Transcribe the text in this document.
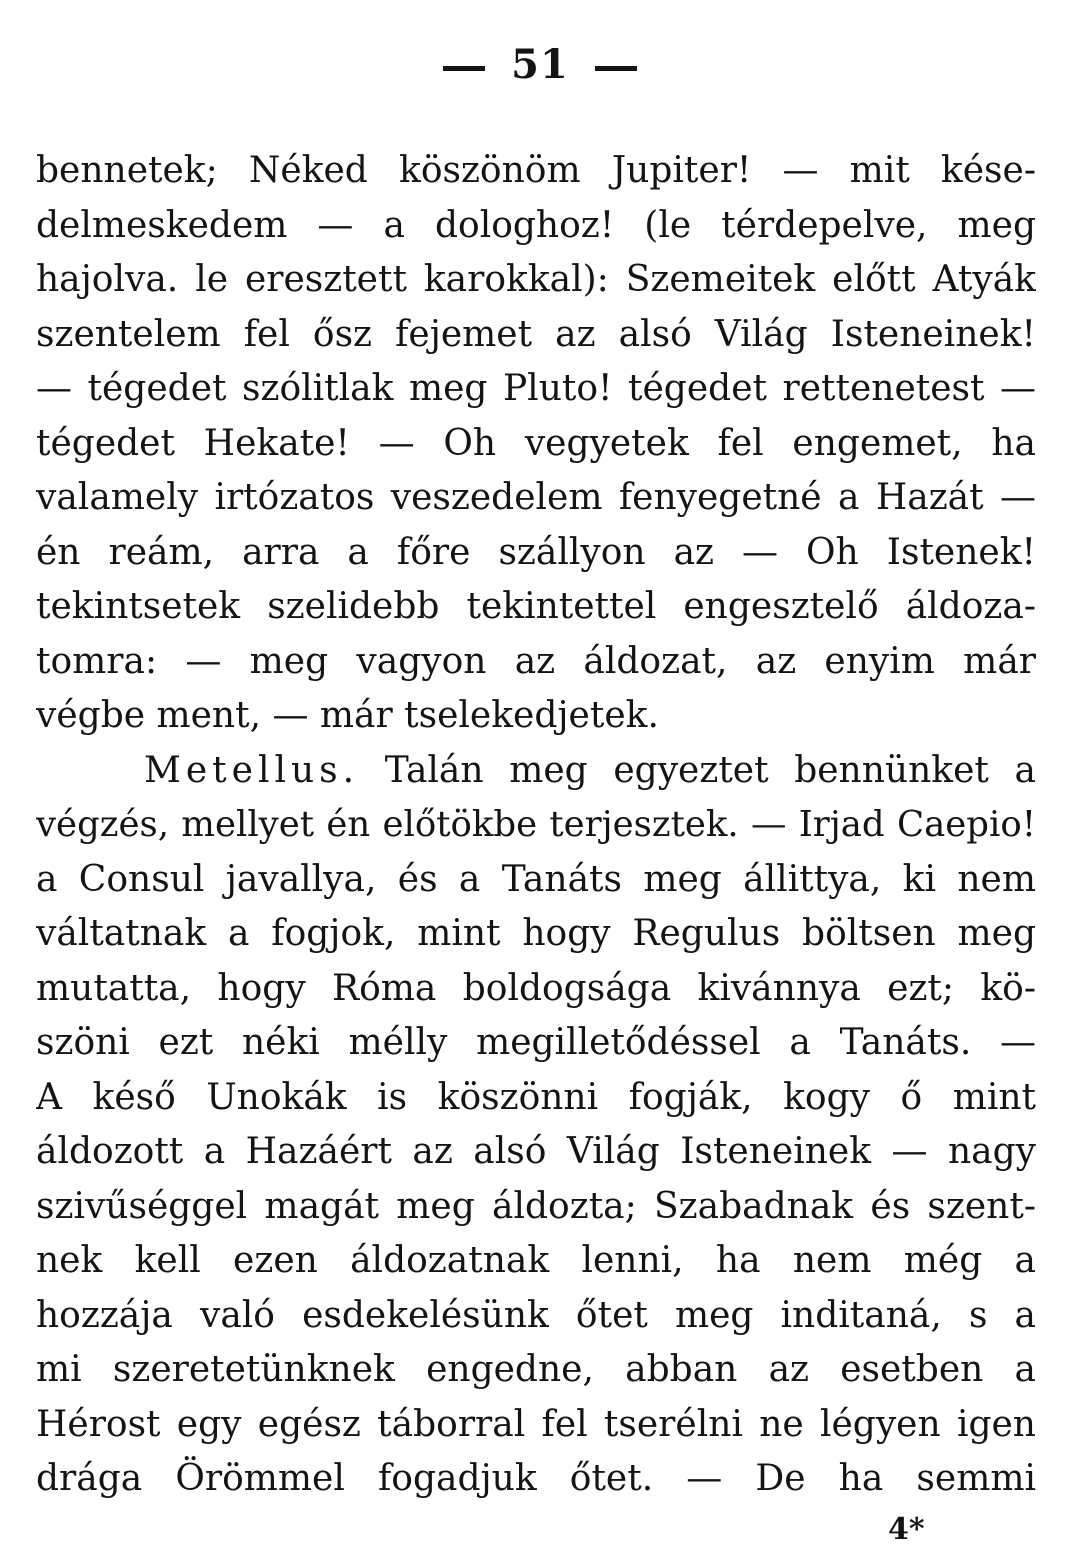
51
bennetek; Néked köszönöm Jupiter! — mit kése-
delmeskedem — a dologhoz! (le térdepelve, meg
hajolva. le eresztett karokkal): Szemeitek előtt Atyák
szentelem fel ősz fejemet az alsó Világ Isteneinek!
— tégedet szólitlak meg Pluto! tégedet rettenetest —
tégedet Hekate! — Oh vegyetek fel engemet, ha
valamely irtózatos veszedelem fenyegetné a Hazát —
én reám, arra a főre szállyon az — Oh Istenek!
tekintsetek szelidebb tekintettel engesztelő áldoza-
tomra: — meg vagyon az áldozat, az enyim már
végbe ment, — már tselekedjetek.
Metellus. Talán meg egyeztet bennünket a
végzés, mellyet én előtökbe terjesztek. — Irjad Caepio!
a Consul javallya, és a Tanáts meg állittya, ki nem
váltatnak a fogjok, mint hogy Regulus böltsen meg
mutatta, hogy Róma boldogsága kivánnya ezt; kö-
szöni ezt néki mélly megilletődéssel a Tanáts. —
A késő Unokák is köszönni fogják, kogy ő mint
áldozott a Hazáért az alsó Világ Isteneinek — nagy
szivűséggel magát meg áldozta; Szabadnak és szent-
nek kell ezen áldozatnak lenni, ha nem még a
hozzája való esdekelésünk őtet meg inditaná, s a
mi szeretetünknek engedne, abban az esetben a
Hérost egy egész táborral fel tserélni ne légyen igen
drága Örömmel fogadjuk őtet. — De ha semmi
4*
